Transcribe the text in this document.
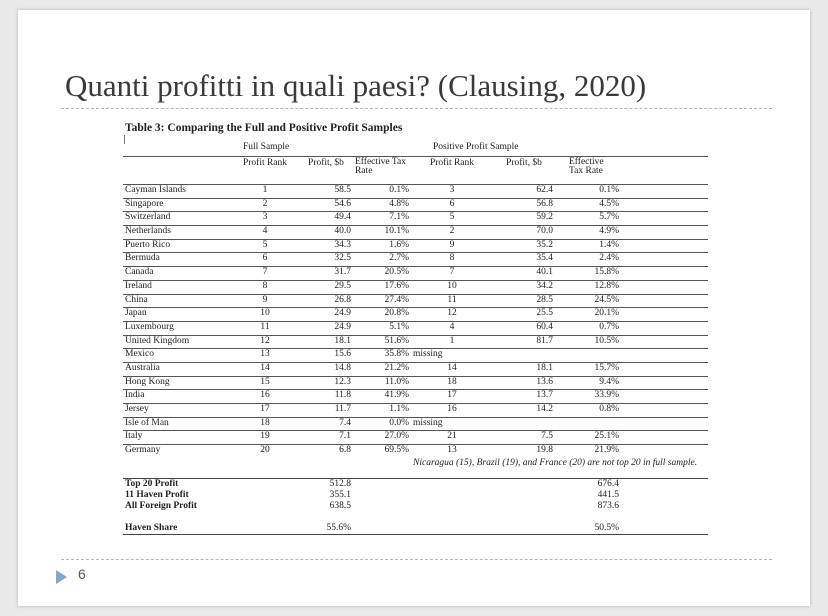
Quanti profitti in quali paesi? (Clausing, 2020)
Table 3: Comparing the Full and Positive Profit Samples
	Full Sample			Positive Profit Sample			
	Profit Rank	Profit, $b	Effective Tax Rate	Profit Rank	Profit, $b	Effective Tax Rate	
Cayman Islands	1	58.5	0.1%	3	62.4	0.1%	
Singapore	2	54.6	4.8%	6	56.8	4.5%	
Switzerland	3	49.4	7.1%	5	59.2	5.7%	
Netherlands	4	40.0	10.1%	2	70.0	4.9%	
Puerto Rico	5	34.3	1.6%	9	35.2	1.4%	
Bermuda	6	32.5	2.7%	8	35.4	2.4%	
Canada	7	31.7	20.5%	7	40.1	15.8%	
Ireland	8	29.5	17.6%	10	34.2	12.8%	
China	9	26.8	27.4%	11	28.5	24.5%	
Japan	10	24.9	20.8%	12	25.5	20.1%	
Luxembourg	11	24.9	5.1%	4	60.4	0.7%	
United Kingdom	12	18.1	51.6%	1	81.7	10.5%	
Mexico	13	15.6	35.8%	missing			
Australia	14	14.8	21.2%	14	18.1	15.7%	
Hong Kong	15	12.3	11.0%	18	13.6	9.4%	
India	16	11.8	41.9%	17	13.7	33.9%	
Jersey	17	11.7	1.1%	16	14.2	0.8%	
Isle of Man	18	7.4	0.0%	missing			
Italy	19	7.1	27.0%	21	7.5	25.1%	
Germany	20	6.8	69.5%	13	19.8	21.9%	
				Nicaragua (15), Brazil (19), and France (20) are not top 20 in full sample.			
Top 20 Profit		512.8				676.4	
11 Haven Profit		355.1				441.5	
All Foreign Profit		638.5				873.6	
Haven Share		55.6%				50.5%	
6
